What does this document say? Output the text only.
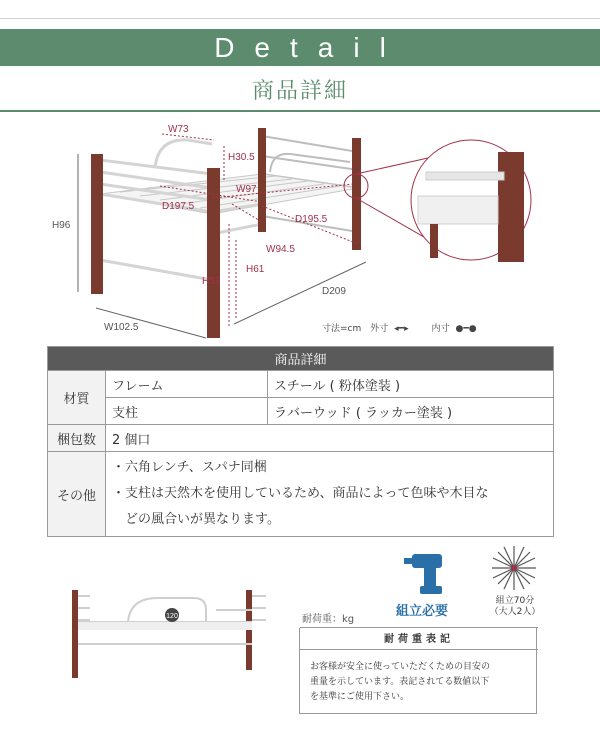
Detail
商品詳細
W73
H30.5
W97
D197.5
D195.5
H96
W94.5
H61
H53
D209
W102.5	寸法=cm 外寸 ◂━▸	内寸 ●━●
商品詳細		
材質	フレーム	スチール ( 粉体塗装 )
	支柱	ラバーウッド ( ラッカー塗装 )
梱包数	2 個口	
その他	・六角レンチ、スパナ同梱
・支柱は天然木を使用しているため、商品によって色味や木目な
　どの風合いが異なります。	
120	組立必要
組立70分
（大人2人）
耐荷重：kg
耐荷重表記
お客様が安全に使っていただくための目安の
重量を示しています。表記されてる数値以下
を基準にご使用下さい。
